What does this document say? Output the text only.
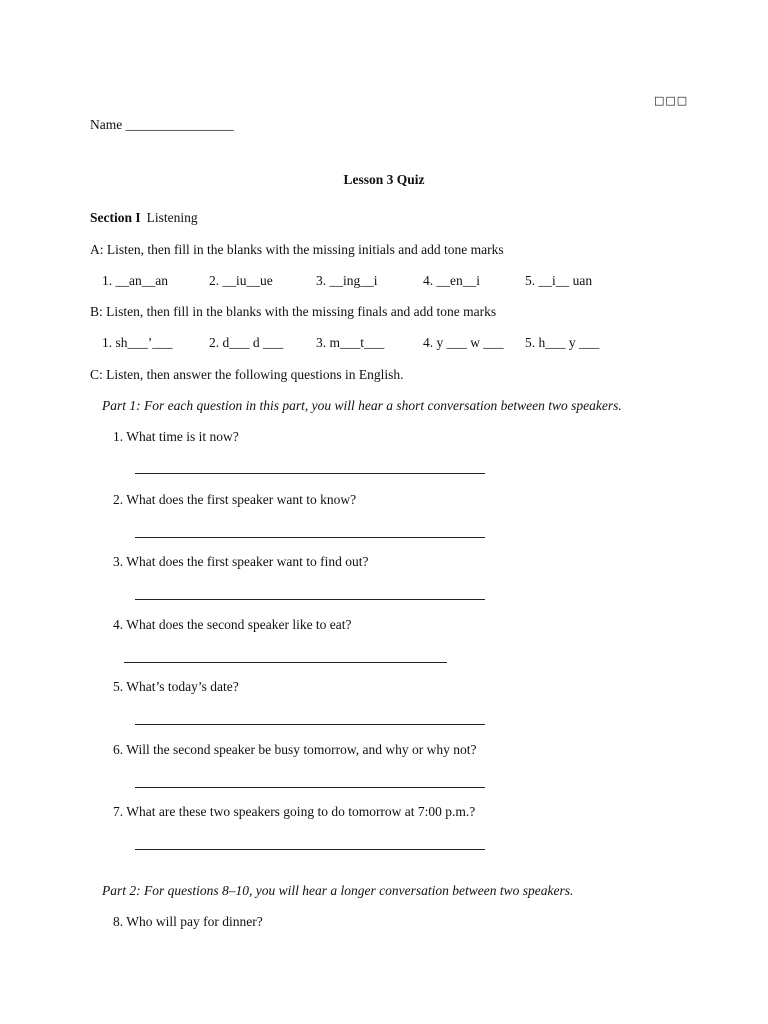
□□□
Name ________________
Lesson 3 Quiz
Section I Listening
A: Listen, then fill in the blanks with the missing initials and add tone marks
1. __an__an	2. __iu__ue	3. __ing__i	4. __en__i	5. __i__ uan
B: Listen, then fill in the blanks with the missing finals and add tone marks
1. sh___’___	2. d___ d ___ 3. m___t___	4. y ___ w ___ 5. h___ y ___
C: Listen, then answer the following questions in English.
Part 1: For each question in this part, you will hear a short conversation between two speakers.
1. What time is it now?
2. What does the first speaker want to know?
3. What does the first speaker want to find out?
4. What does the second speaker like to eat?
5. What’s today’s date?
6. Will the second speaker be busy tomorrow, and why or why not?
7. What are these two speakers going to do tomorrow at 7:00 p.m.?
Part 2: For questions 8–10, you will hear a longer conversation between two speakers.
8. Who will pay for dinner?
